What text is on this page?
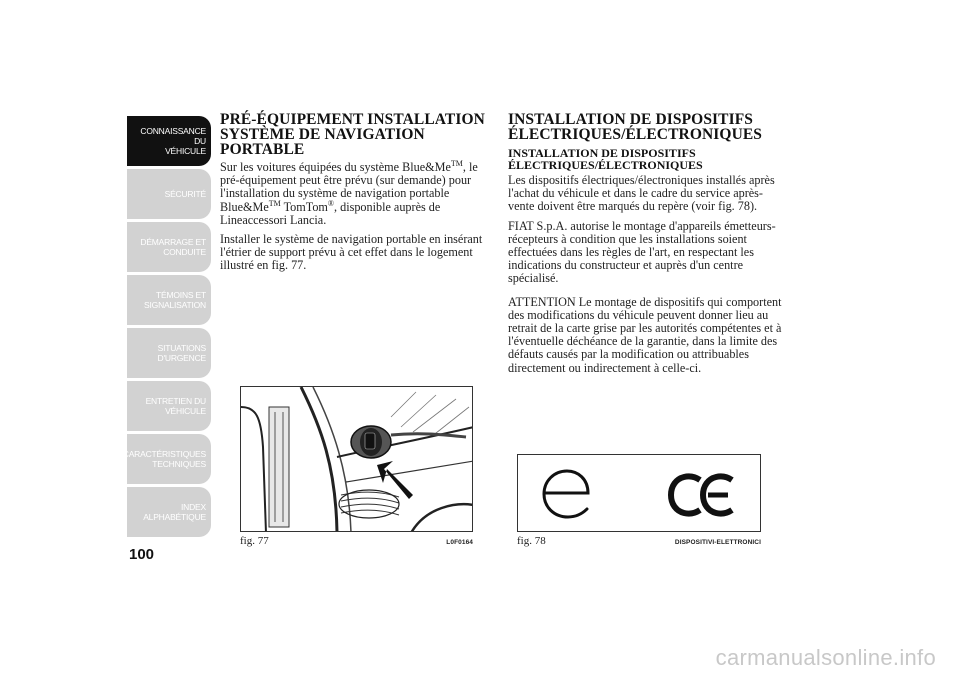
CONNAISSANCE DU
VÉHICULE
SÉCURITÉ
DÉMARRAGE ET
CONDUITE
TÉMOINS ET
SIGNALISATION
SITUATIONS
D'URGENCE
ENTRETIEN DU
VÉHICULE
CARACTÉRISTIQUES
TECHNIQUES
INDEX
ALPHABÉTIQUE
100
PRÉ-ÉQUIPEMENT INSTALLATION
SYSTÈME DE NAVIGATION
PORTABLE

Sur les voitures équipées du système Blue&Me™, le pré-équipement peut être prévu (sur demande) pour l'installation du système de navigation portable Blue&Me™ TomTom®, disponible auprès de Lineaccessori Lancia.

Installer le système de navigation portable en insérant l'étrier de support prévu à cet effet dans le logement illustré en fig. 77.

INSTALLATION DE DISPOSITIFS
ÉLECTRIQUES/ÉLECTRONIQUES
INSTALLATION DE DISPOSITIFS
ÉLECTRIQUES/ÉLECTRONIQUES

Les dispositifs électriques/électroniques installés après l'achat du véhicule et dans le cadre du service après-vente doivent être marqués du repère (voir fig. 78).

FIAT S.p.A. autorise le montage d'appareils émetteurs-récepteurs à condition que les installations soient effectuées dans les règles de l'art, en respectant les indications du constructeur et auprès d'un centre spécialisé.

ATTENTION Le montage de dispositifs qui comportent des modifications du véhicule peuvent donner lieu au retrait de la carte grise par les autorités compétentes et à l'éventuelle déchéance de la garantie, dans la limite des défauts causés par la modification ou attribuables directement ou indirectement à celle-ci.

fig. 77	L0F0164	fig. 78	DISPOSITIVI-ELETTRONICI
carmanualsonline.info
